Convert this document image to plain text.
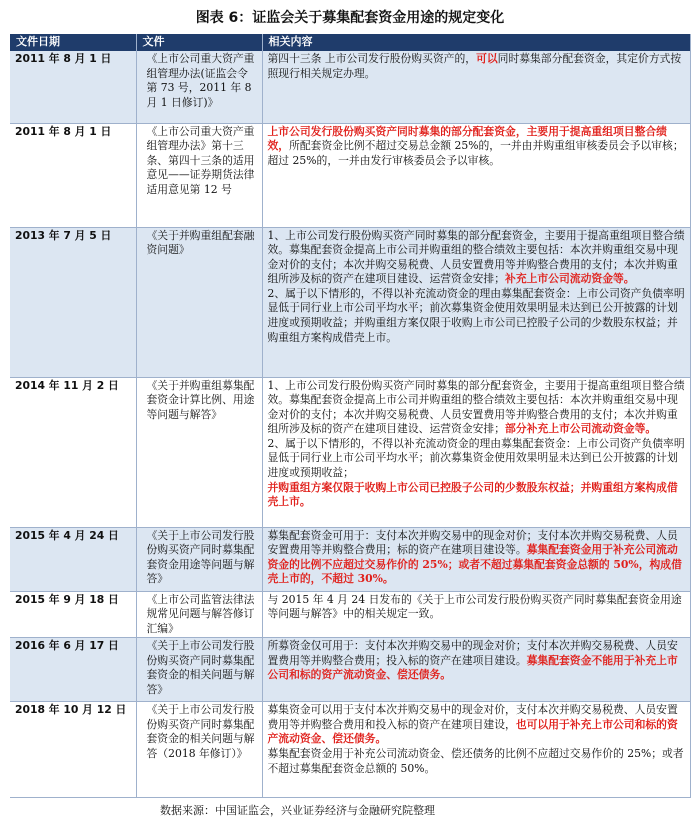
图表 6：证监会关于募集配套资金用途的规定变化
文件日期	文件	相关内容
2011 年 8 月 1 日	《上市公司重大资产重组管理办法(证监会令第 73 号，2011 年 8 月 1 日修订)》	第四十三条 上市公司发行股份购买资产的，可以同时募集部分配套资金，其定价方式按照现行相关规定办理。
2011 年 8 月 1 日	《上市公司重大资产重组管理办法》第十三条、第四十三条的适用意见——证券期货法律适用意见第 12 号	上市公司发行股份购买资产同时募集的部分配套资金，主要用于提高重组项目整合绩效，所配套资金比例不超过交易总金额 25%的，一并由并购重组审核委员会予以审核；超过 25%的，一并由发行审核委员会予以审核。
2013 年 7 月 5 日	《关于并购重组配套融资问题》	1、上市公司发行股份购买资产同时募集的部分配套资金，主要用于提高重组项目整合绩效。募集配套资金提高上市公司并购重组的整合绩效主要包括：本次并购重组交易中现金对价的支付；本次并购交易税费、人员安置费用等并购整合费用的支付；本次并购重组所涉及标的资产在建项目建设、运营资金安排；补充上市公司流动资金等。
2、属于以下情形的，不得以补充流动资金的理由募集配套资金：上市公司资产负债率明显低于同行业上市公司平均水平；前次募集资金使用效果明显未达到已公开披露的计划进度或预期收益；并购重组方案仅限于收购上市公司已控股子公司的少数股东权益；并购重组方案构成借壳上市。

2014 年 11 月 2 日	《关于并购重组募集配套资金计算比例、用途等问题与解答》	1、上市公司发行股份购买资产同时募集的部分配套资金，主要用于提高重组项目整合绩效。募集配套资金提高上市公司并购重组的整合绩效主要包括：本次并购重组交易中现金对价的支付；本次并购交易税费、人员安置费用等并购整合费用的支付；本次并购重组所涉及标的资产在建项目建设、运营资金安排；部分补充上市公司流动资金等。
2、属于以下情形的，不得以补充流动资金的理由募集配套资金：上市公司资产负债率明显低于同行业上市公司平均水平；前次募集资金使用效果明显未达到已公开披露的计划进度或预期收益；
并购重组方案仅限于收购上市公司已控股子公司的少数股东权益；并购重组方案构成借壳上市。
2015 年 4 月 24 日	《关于上市公司发行股份购买资产同时募集配套资金用途等问题与解答》	募集配套资金可用于：支付本次并购交易中的现金对价；支付本次并购交易税费、人员安置费用等并购整合费用；标的资产在建项目建设等。募集配套资金用于补充公司流动资金的比例不应超过交易作价的 25%；或者不超过募集配套资金总额的 50%，构成借壳上市的，不超过 30%。
2015 年 9 月 18 日	《上市公司监管法律法规常见问题与解答修订汇编》	与 2015 年 4 月 24 日发布的《关于上市公司发行股份购买资产同时募集配套资金用途等问题与解答》中的相关规定一致。
2016 年 6 月 17 日	《关于上市公司发行股份购买资产同时募集配套资金的相关问题与解答》	所募资金仅可用于：支付本次并购交易中的现金对价；支付本次并购交易税费、人员安置费用等并购整合费用；投入标的资产在建项目建设。募集配套资金不能用于补充上市公司和标的资产流动资金、偿还债务。
2018 年 10 月 12 日	《关于上市公司发行股份购买资产同时募集配套资金的相关问题与解答（2018 年修订）》	募集资金可以用于支付本次并购交易中的现金对价，支付本次并购交易税费、人员安置费用等并购整合费用和投入标的资产在建项目建设，也可以用于补充上市公司和标的资产流动资金、偿还债务。
募集配套资金用于补充公司流动资金、偿还债务的比例不应超过交易作价的 25%；或者不超过募集配套资金总额的 50%。
数据来源：中国证监会，兴业证券经济与金融研究院整理
